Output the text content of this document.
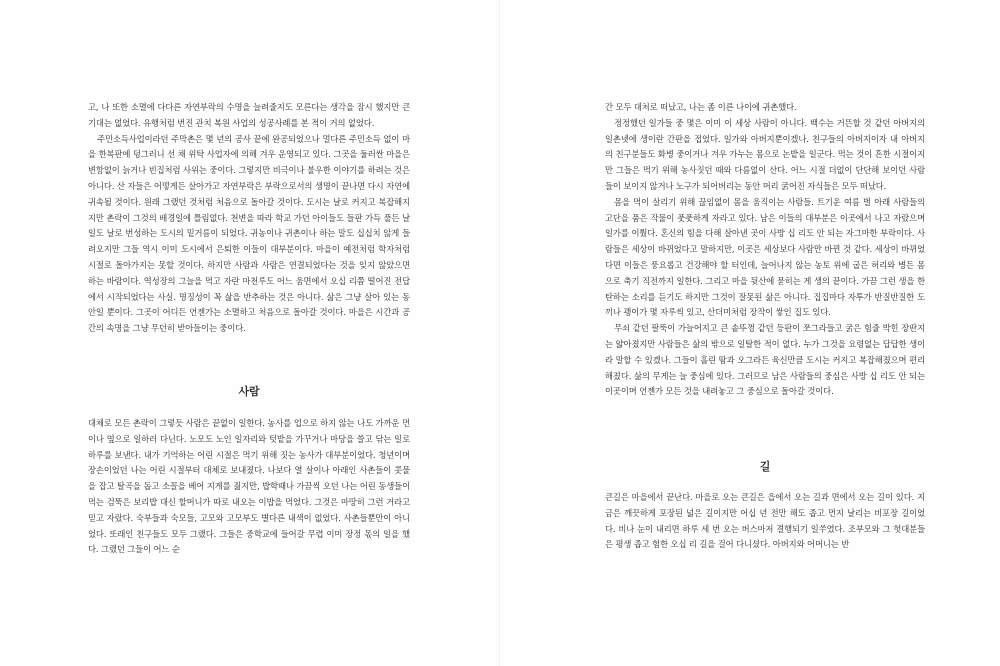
고, 나 또한 소멸에 다다른 자연부락의 수명을 늘려줄지도 모른다는 생각을 잠시 했지만 큰 기대는 없었다. 유행처럼 번진 관치 복원 사업의 성공사례를 본 적이 거의 없었다.

주민소득사업이라던 주막촌은 몇 년의 공사 끝에 완공되었으나 멀다른 주민소득 없이 마을 한복판에 덩그러니 선 채 위탁 사업자에 의해 겨우 운영되고 있다. 그곳을 둘러싼 마을은 변함없이 늙거나 빈집처럼 사위는 중이다. 그렇지만 비극이나 불우한 이야기를 하려는 것은 아니다. 산 자들은 어떻게든 살아가고 자연부락은 부락으로서의 생명이 끝나면 다시 자연에 귀속될 것이다. 원래 그랬던 것처럼 처음으로 돌아갈 것이다. 도시는 날로 커지고 복잡해지지만 촌락이 그것의 배경일에 틀림없다. 천변을 따라 학교 가던 아이들도 들판 가득 풀든 날일도 날로 번성하는 도시의 밑거름이 되었다. 귀농이나 귀촌이나 하는 말도 십십치 않게 들려오지만 그들 역시 이미 도시에서 은퇴한 이들이 대부분이다. 마을이 예전처럼 학자처럼 시절로 돌아가지는 못할 것이다. 하지만 사람과 사람은 연결되었다는 것을 잊지 않았으면 하는 바람이다. 역성장의 그늘을 먹고 자란 마천루도 어느 움면에서 오십 리쯤 떨어진 전답에서 시작되었다는 사실. 명징성이 꼭 삶을 반추하는 것은 아니다. 삶은 그냥 살아 있는 동안일 뿐이다. 그곳이 어디든 언젠가는 소멸하고 처음으로 돌아갈 것이다. 마을은 시간과 공간의 속명을 그냥 무던히 받아들이는 중이다.

사람

대체로 모든 촌락이 그렇듯 사람은 끝없이 일한다. 농사를 업으로 하지 않는 나도 가까운 먼이나 옆으로 일하러 다닌다. 노모도 노인 일자리와 텃밭을 가꾸거나 마당을 쓸고 닦는 일로 하루를 보낸다. 내가 기억하는 어린 시절은 먹기 위해 짓는 농사가 대부분이었다. 청년이며 장손이었던 나는 어린 시절부터 대체로 보내졌다. 나보다 열 살이나 아래인 사촌들이 콧물을 잡고 탈곡을 돕고 소꼴을 베어 지게를 짊지만, 밥학때나 가끔씩 오던 나는 어린 동생들이 먹는 검뚝은 보리밥 대신 할머니가 따로 내오는 이밥을 먹었다. 그것은 마땅히 그런 거라고 믿고 자랐다. 숙부들과 숙모들, 고모와 고모부도 별다른 내색이 없었다. 사촌들뿐만이 아니었다. 또래인 친구들도 모두 그랬다. 그들은 중학교에 들어갈 무렵 이미 장정 몫의 일을 했다. 그랬던 그들이 어느 순

간 모두 대처로 떠났고, 나는 좀 이른 나이에 귀촌했다.

정정했던 일가들 중 몇은 이미 이 세상 사람이 아니다. 백수는 거뜬할 것 같던 아버지의 일촌넷에 생이란 간판을 접었다. 일가와 아버지뿐이겠나. 친구들의 아버지이자 내 아버지의 친구분들도 화병 중이거나 겨우 가누는 몸으로 논밭을 일군다. 먹는 것이 흔한 시절이지만 그들은 먹기 위해 농사짓던 때와 다름없이 산다. 어느 시절 더없이 단단해 보이던 사람들이 보이지 않거나 노구가 되어버리는 동안 머리 굵어진 자식들은 모두 떠났다.

몸을 먹이 살리기 위해 끊임없이 몸을 움직이는 사람들. 트기운 여름 벌 아래 사람들의 고단을 품은 작물이 풋풋하게 자라고 있다. 남은 이들의 대부분은 이곳에서 나고 자랐으며 일가를 이뤘다. 혼신의 힘을 다해 살아낸 곳이 사방 십 리도 안 되는 자그마한 부락이다. 사람들은 세상이 바뀌었다고 말하지만, 이곳은 세상보다 사람만 바뀐 것 같다. 세상이 바뀌었다면 이들은 풍요롭고 건강해야 할 터인데, 늘어나지 않는 농토 위에 굽은 허리와 병든 몸으로 축기 직전까지 일한다. 그리고 마을 뒷산에 묻히는 게 생의 끝이다. 가끔 그런 생을 한탄하는 소리를 듣기도 하지만 그것이 잘못된 삶은 아니다. 집집마다 자투가 반질반질한 도끼나 괭이가 몇 자루씩 있고, 산더미처럼 장작이 쌓인 집도 있다.

무쇠 같던 팔뚝이 가늘어지고 큰 솥뚜껑 같던 등판이 쪼그라들고 굵은 힘줄 박힌 장딴지는 얇아졌지만 사람들은 삶의 밖으로 일탈한 적이 없다. 누가 그것을 요령없는 답답한 생이라 말할 수 있겠나. 그들이 흘린 땀과 오그라든 육신만큼 도시는 커지고 복잡해졌으며 편리해졌다. 삶의 무게는 늘 중심에 있다. 그러므로 남은 사람들의 중심은 사방 십 리도 안 되는 이곳이며 언젠가 모든 것을 내려놓고 그 중심으로 돌아갈 것이다.

길

큰길은 마을에서 끝난다. 마을로 오는 큰길은 읍에서 오는 길과 면에서 오는 길이 있다. 지금은 깨끗하게 포장된 넓은 길이지만 어십 년 전만 해도 좁고 먼지 날리는 비포장 길이었다. 비나 눈이 내리면 하루 세 번 오는 버스마저 결행되기 일쑤였다. 조부모와 그 헛대분들은 평생 좁고 험한 오십 리 길을 걸어 다니셨다. 아버지와 어머니는 반
